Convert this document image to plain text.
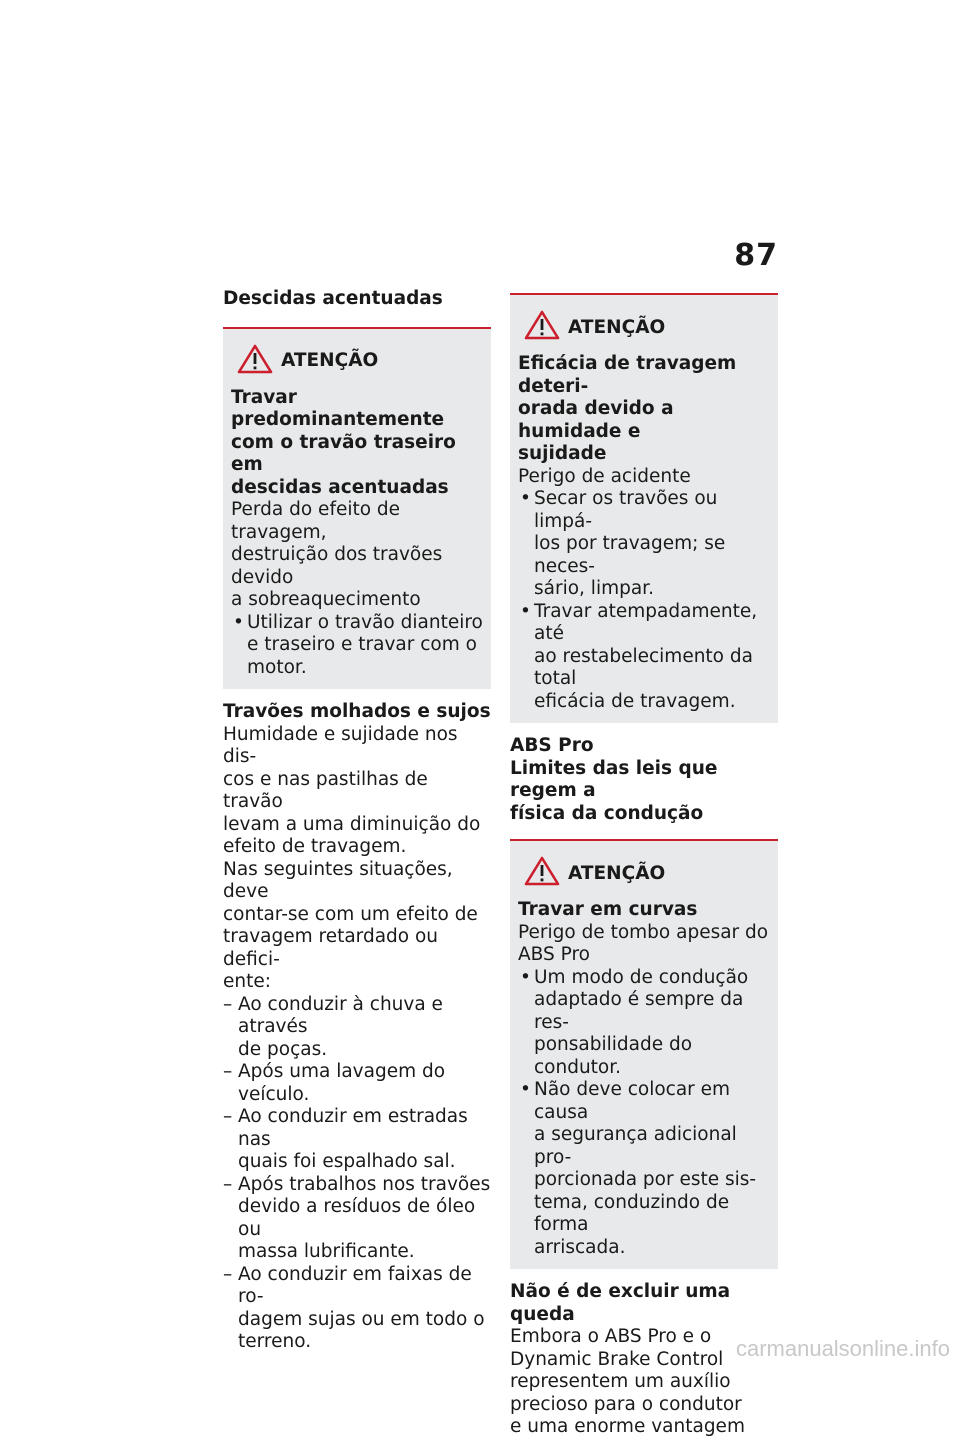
87
Descidas acentuadas
ATENÇÃO
Travar predominantemente
com o travão traseiro em
descidas acentuadas
Perda do efeito de travagem,
destruição dos travões devido
a sobreaquecimento
• Utilizar o travão dianteiro
e traseiro e travar com o
motor.
Travões molhados e sujos
Humidade e sujidade nos dis-
cos e nas pastilhas de travão
levam a uma diminuição do
efeito de travagem.
Nas seguintes situações, deve
contar-se com um efeito de
travagem retardado ou defici-
ente:
– Ao conduzir à chuva e através
de poças.
– Após uma lavagem do veículo.
– Ao conduzir em estradas nas
quais foi espalhado sal.
– Após trabalhos nos travões
devido a resíduos de óleo ou
massa lubrificante.
– Ao conduzir em faixas de ro-
dagem sujas ou em todo o
terreno.
ATENÇÃO
Eficácia de travagem deteri-
orada devido a humidade e
sujidade
Perigo de acidente
• Secar os travões ou limpá-
los por travagem; se neces-
sário, limpar.
• Travar atempadamente, até
ao restabelecimento da total
eficácia de travagem.
ABS Pro
Limites das leis que regem a
física da condução
ATENÇÃO
Travar em curvas
Perigo de tombo apesar do
ABS Pro
• Um modo de condução
adaptado é sempre da res-
ponsabilidade do condutor.
• Não deve colocar em causa
a segurança adicional pro-
porcionada por este sis-
tema, conduzindo de forma
arriscada.
Não é de excluir uma queda
Embora o ABS Pro e o
Dynamic Brake Control
representem um auxílio
precioso para o condutor
e uma enorme vantagem
carmanualsonline.info
